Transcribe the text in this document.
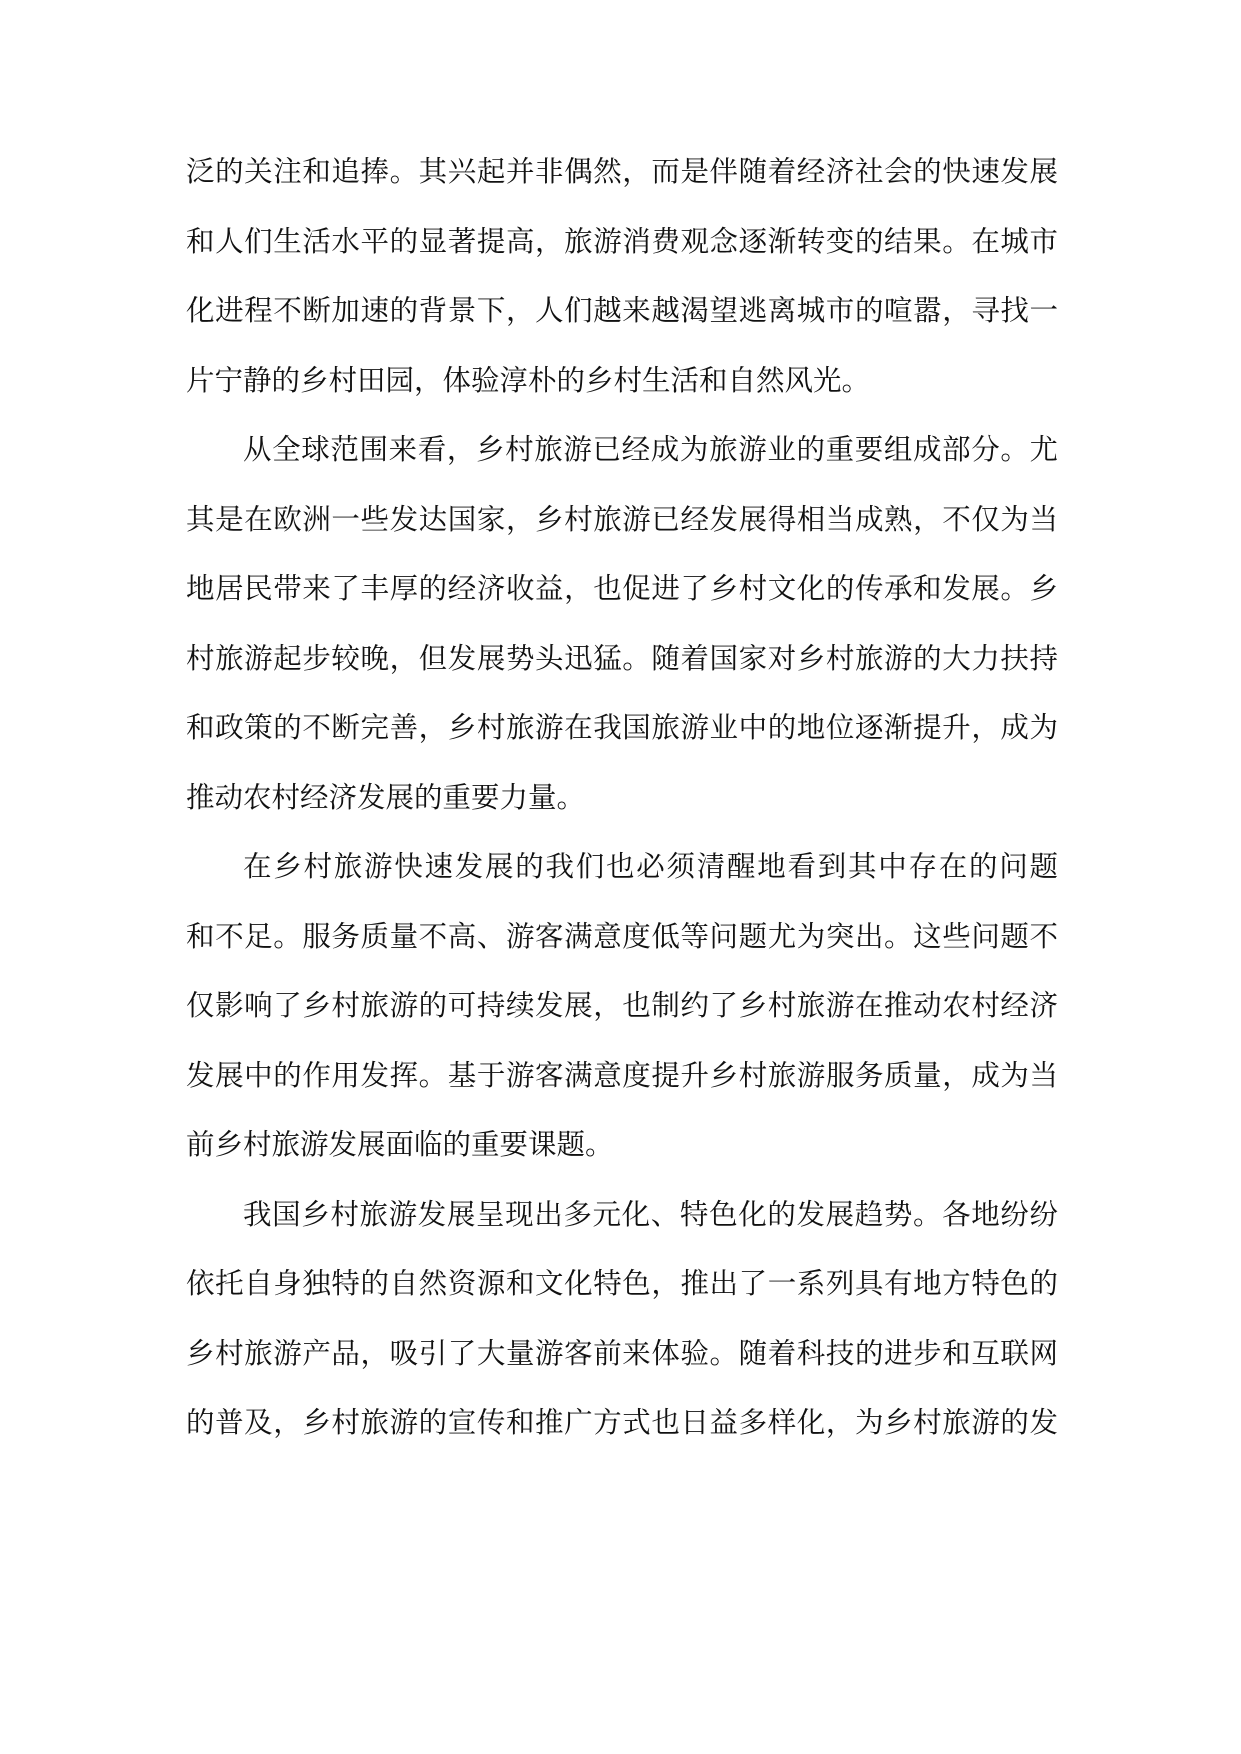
泛的关注和追捧。其兴起并非偶然，而是伴随着经济社会的快速发展
和人们生活水平的显著提高，旅游消费观念逐渐转变的结果。在城市
化进程不断加速的背景下，人们越来越渴望逃离城市的喧嚣，寻找一
片宁静的乡村田园，体验淳朴的乡村生活和自然风光。
从全球范围来看，乡村旅游已经成为旅游业的重要组成部分。尤
其是在欧洲一些发达国家，乡村旅游已经发展得相当成熟，不仅为当
地居民带来了丰厚的经济收益，也促进了乡村文化的传承和发展。乡
村旅游起步较晚，但发展势头迅猛。随着国家对乡村旅游的大力扶持
和政策的不断完善，乡村旅游在我国旅游业中的地位逐渐提升，成为
推动农村经济发展的重要力量。
在乡村旅游快速发展的我们也必须清醒地看到其中存在的问题
和不足。服务质量不高、游客满意度低等问题尤为突出。这些问题不
仅影响了乡村旅游的可持续发展，也制约了乡村旅游在推动农村经济
发展中的作用发挥。基于游客满意度提升乡村旅游服务质量，成为当
前乡村旅游发展面临的重要课题。
我国乡村旅游发展呈现出多元化、特色化的发展趋势。各地纷纷
依托自身独特的自然资源和文化特色，推出了一系列具有地方特色的
乡村旅游产品，吸引了大量游客前来体验。随着科技的进步和互联网
的普及，乡村旅游的宣传和推广方式也日益多样化，为乡村旅游的发
